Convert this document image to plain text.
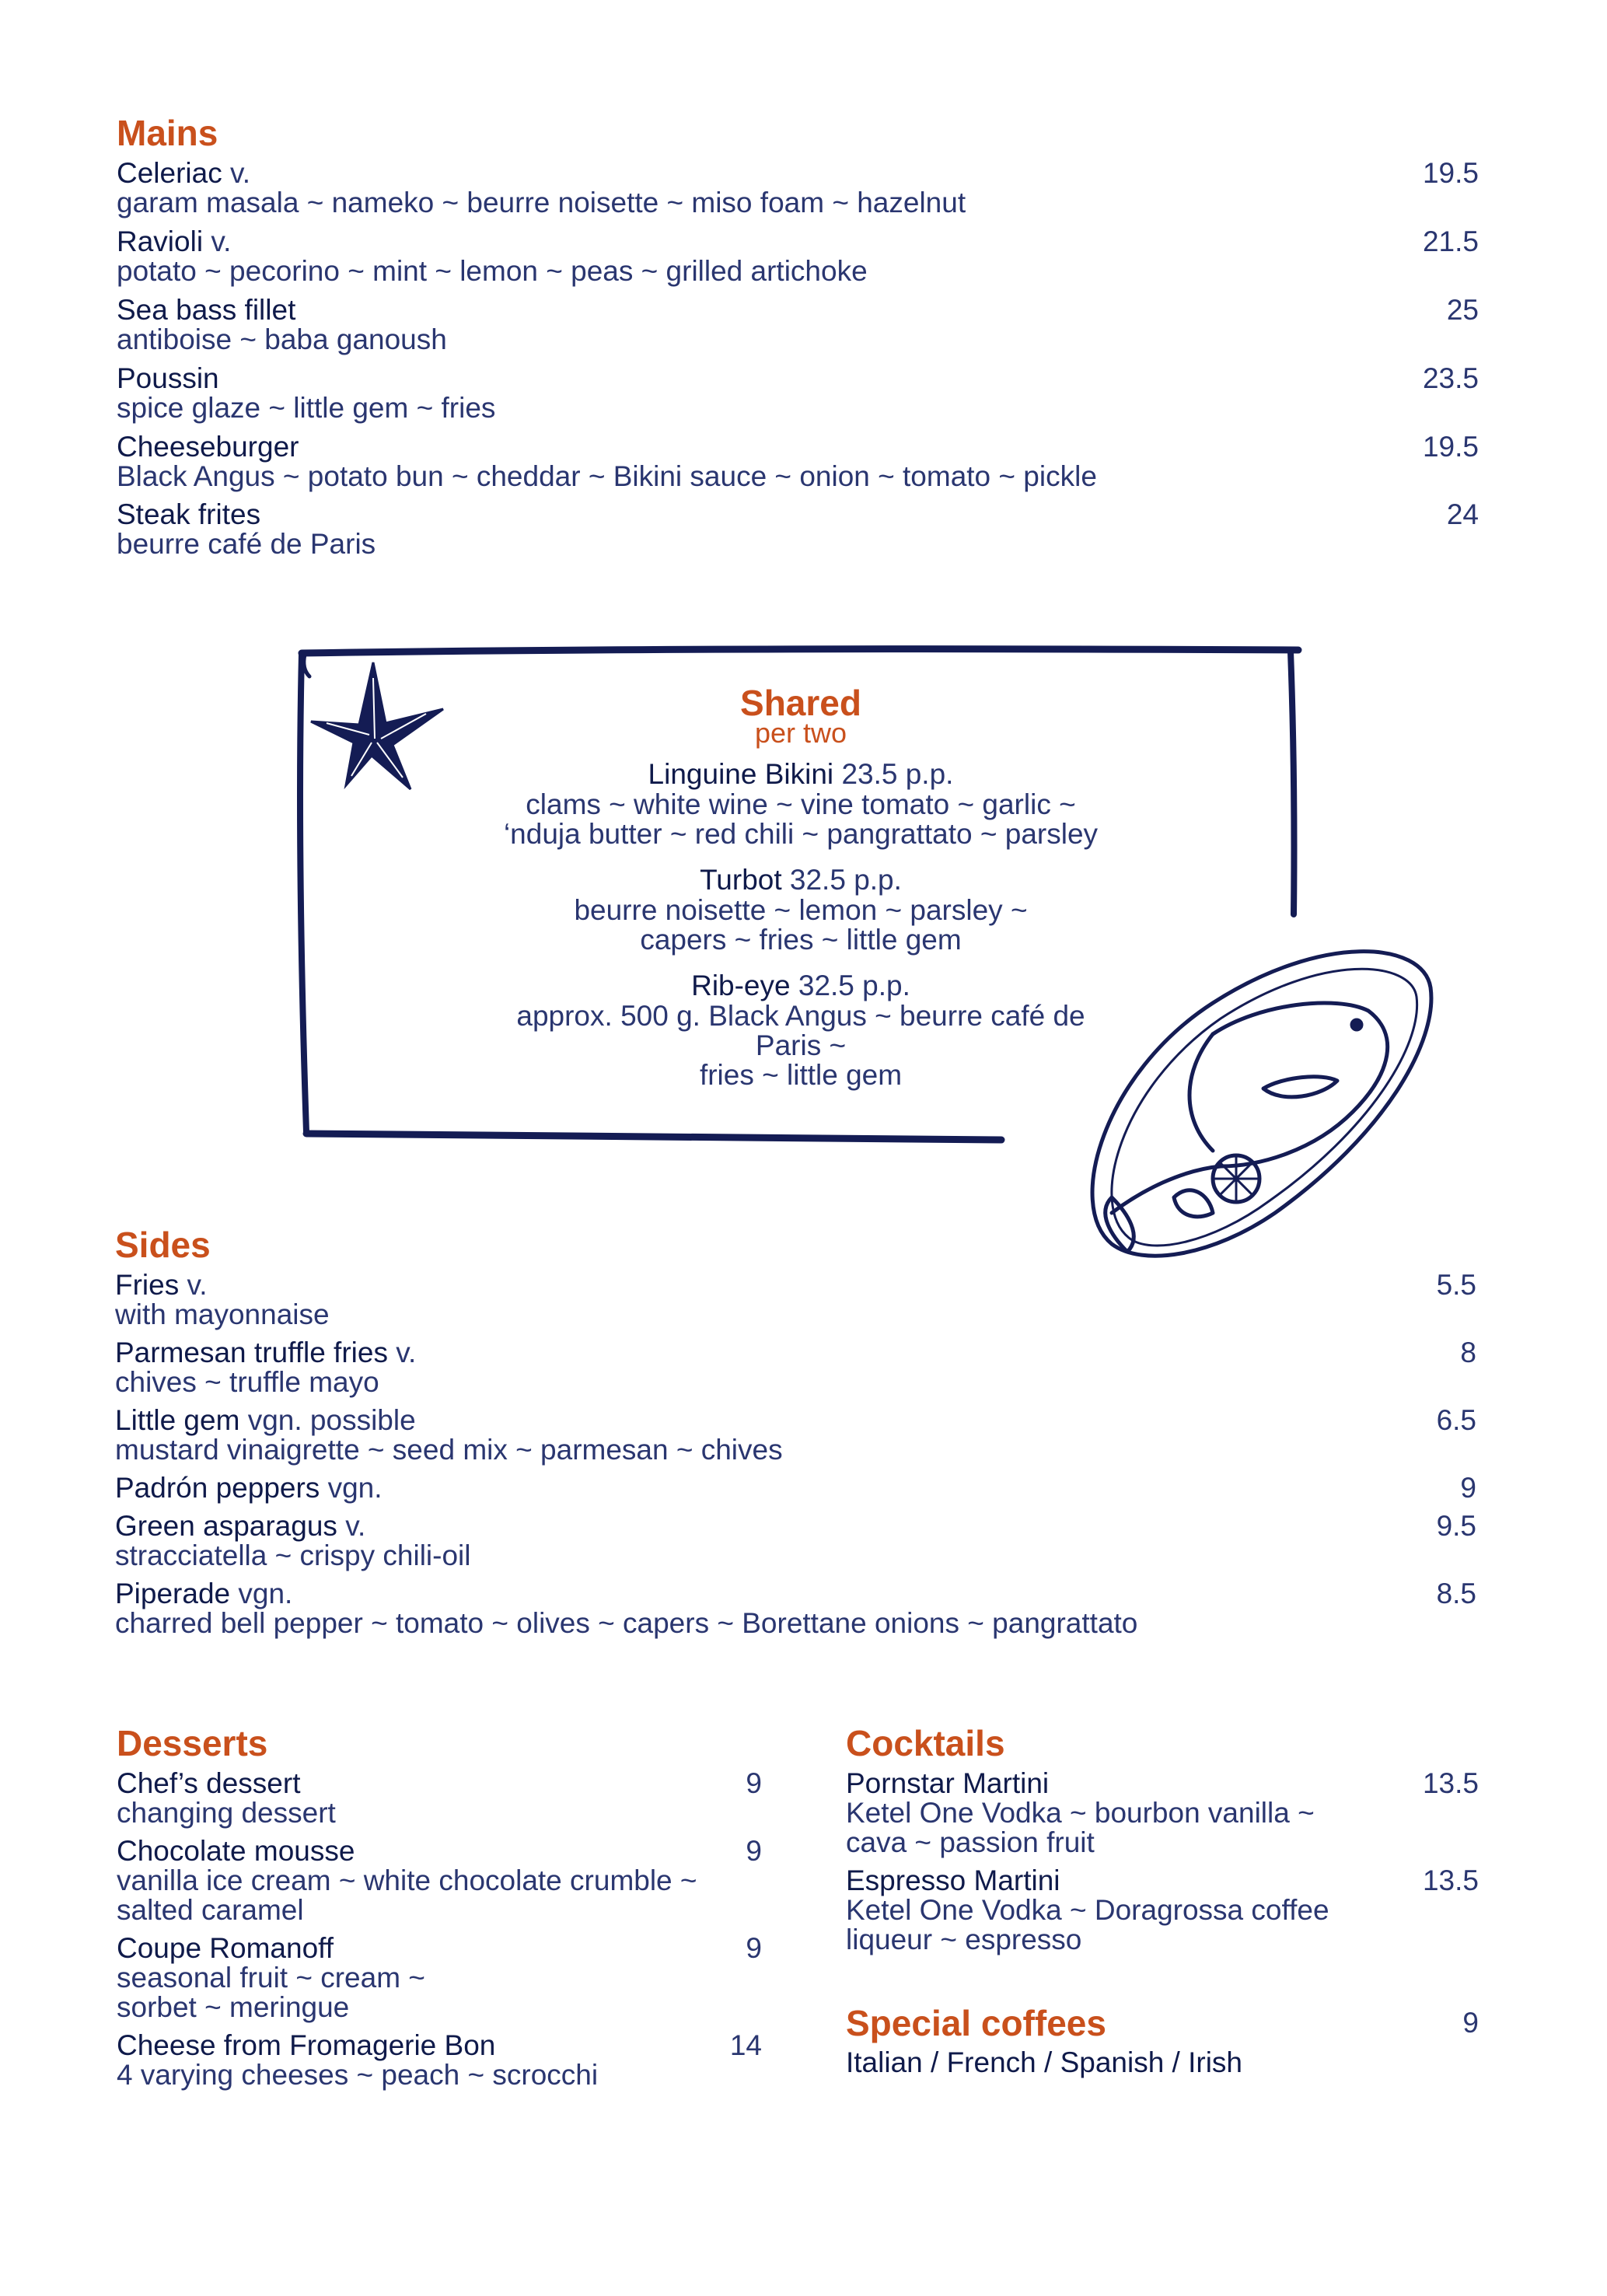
Mains
Celeriac v.
garam masala ~ nameko ~ beurre noisette ~ miso foam ~ hazelnut
19.5
Ravioli v.
potato ~ pecorino ~ mint ~ lemon ~ peas ~ grilled artichoke
21.5
Sea bass fillet
antiboise ~ baba ganoush
25
Poussin
spice glaze ~ little gem ~ fries
23.5
Cheeseburger
Black Angus ~ potato bun ~ cheddar ~ Bikini sauce ~ onion ~ tomato ~ pickle
19.5
Steak frites
beurre café de Paris
24
Shared
per two
Linguine Bikini 23.5 p.p.
clams ~ white wine ~ vine tomato ~ garlic ~
‘nduja butter ~ red chili ~ pangrattato ~ parsley
Turbot 32.5 p.p.
beurre noisette ~ lemon ~ parsley ~
capers ~ fries ~ little gem
Rib-eye 32.5 p.p.
approx. 500 g. Black Angus ~ beurre café de Paris ~
fries ~ little gem
Sides
Fries v.
with mayonnaise
5.5
Parmesan truffle fries v.
chives ~ truffle mayo
8
Little gem vgn. possible
mustard vinaigrette ~ seed mix ~ parmesan ~ chives
6.5
Padrón peppers vgn.	9
Green asparagus v.
stracciatella ~ crispy chili-oil
9.5
Piperade vgn.
charred bell pepper ~ tomato ~ olives ~ capers ~ Borettane onions ~ pangrattato
8.5
Desserts
Chef’s dessert
changing dessert
9
Chocolate mousse
vanilla ice cream ~ white chocolate crumble ~
salted caramel
9
Coupe Romanoff
seasonal fruit ~ cream ~
sorbet ~ meringue
9
Cheese from Fromagerie Bon
4 varying cheeses ~ peach ~ scrocchi
14
Cocktails
Pornstar Martini
Ketel One Vodka ~ bourbon vanilla ~
cava ~ passion fruit
13.5
Espresso Martini
Ketel One Vodka ~ Doragrossa coffee
liqueur ~ espresso
13.5
Special coffees	9
Italian / French / Spanish / Irish
